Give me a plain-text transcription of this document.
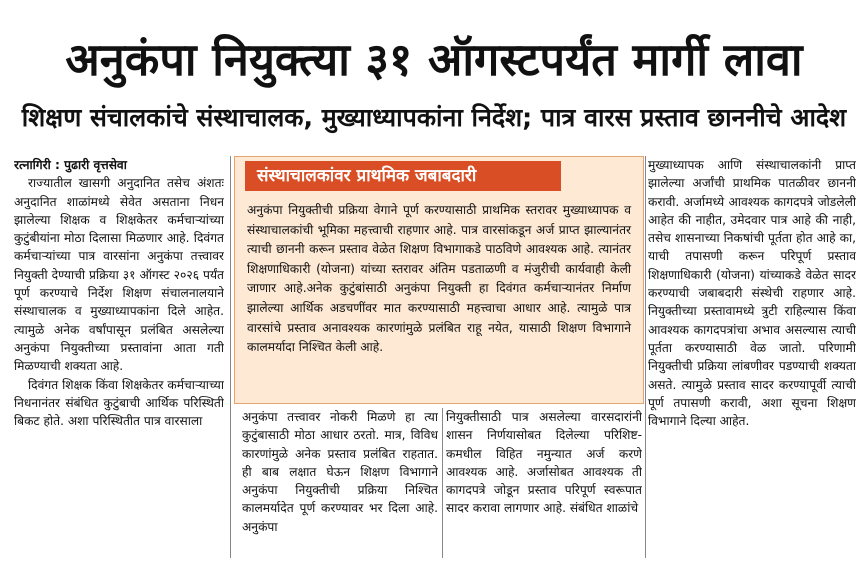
अनुकंपा नियुक्त्या ३१ ऑगस्टपर्यंत मार्गी लावा
शिक्षण संचालकांचे संस्थाचालक, मुख्याध्यापकांना निर्देश; पात्र वारस प्रस्ताव छाननीचे आदेश
रत्नागिरी : पुढारी वृत्तसेवा

राज्यातील खासगी अनुदानित तसेच अंशतः अनुदानित शाळांमध्ये सेवेत असताना निधन झालेल्या शिक्षक व शिक्षकेतर कर्मचाऱ्यांच्या कुटुंबीयांना मोठा दिलासा मिळणार आहे. दिवंगत कर्मचाऱ्यांच्या पात्र वारसांना अनुकंपा तत्त्वावर नियुक्ती देण्याची प्रक्रिया ३१ ऑगस्ट २०२६ पर्यंत पूर्ण करण्याचे निर्देश शिक्षण संचालनालयाने संस्थाचालक व मुख्याध्यापकांना दिले आहेत. त्यामुळे अनेक वर्षांपासून प्रलंबित असलेल्या अनुकंपा नियुक्तीच्या प्रस्तावांना आता गती मिळण्याची शक्यता आहे.

दिवंगत शिक्षक किंवा शिक्षकेतर कर्मचाऱ्याच्या निधनानंतर संबंधित कुटुंबाची आर्थिक परिस्थिती बिकट होते. अशा परिस्थितीत पात्र वारसाला

संस्थाचालकांवर प्राथमिक जबाबदारी
अनुकंपा नियुक्तीची प्रक्रिया वेगाने पूर्ण करण्यासाठी प्राथमिक स्तरावर मुख्याध्यापक व संस्थाचालकांची भूमिका महत्त्वाची राहणार आहे. पात्र वारसांकडून अर्ज प्राप्त झाल्यानंतर त्याची छाननी करून प्रस्ताव वेळेत शिक्षण विभागाकडे पाठविणे आवश्यक आहे. त्यानंतर शिक्षणाधिकारी (योजना) यांच्या स्तरावर अंतिम पडताळणी व मंजुरीची कार्यवाही केली जाणार आहे.अनेक कुटुंबांसाठी अनुकंपा नियुक्ती हा दिवंगत कर्मचाऱ्यानंतर निर्माण झालेल्या आर्थिक अडचणींवर मात करण्यासाठी महत्त्वाचा आधार आहे. त्यामुळे पात्र वारसांचे प्रस्ताव अनावश्यक कारणांमुळे प्रलंबित राहू नयेत, यासाठी शिक्षण विभागाने कालमर्यादा निश्चित केली आहे.

अनुकंपा तत्त्वावर नोकरी मिळणे हा त्या कुटुंबासाठी मोठा आधार ठरतो. मात्र, विविध कारणांमुळे अनेक प्रस्ताव प्रलंबित राहतात. ही बाब लक्षात घेऊन शिक्षण विभागाने अनुकंपा नियुक्तीची प्रक्रिया निश्चित कालमर्यादेत पूर्ण करण्यावर भर दिला आहे. अनुकंपा

नियुक्तीसाठी पात्र असलेल्या वारसदारांनी शासन निर्णयासोबत दिलेल्या परिशिष्ट-कमधील विहित नमुन्यात अर्ज करणे आवश्यक आहे. अर्जासोबत आवश्यक ती कागदपत्रे जोडून प्रस्ताव परिपूर्ण स्वरूपात सादर करावा लागणार आहे. संबंधित शाळांचे

मुख्याध्यापक आणि संस्थाचालकांनी प्राप्त झालेल्या अर्जांची प्राथमिक पातळीवर छाननी करावी. अर्जामध्ये आवश्यक कागदपत्रे जोडलेली आहेत की नाहीत, उमेदवार पात्र आहे की नाही, तसेच शासनाच्या निकषांची पूर्तता होत आहे का, याची तपासणी करून परिपूर्ण प्रस्ताव शिक्षणाधिकारी (योजना) यांच्याकडे वेळेत सादर करण्याची जबाबदारी संस्थेची राहणार आहे. नियुक्तीच्या प्रस्तावामध्ये त्रुटी राहिल्यास किंवा आवश्यक कागदपत्रांचा अभाव असल्यास त्याची पूर्तता करण्यासाठी वेळ जातो. परिणामी नियुक्तीची प्रक्रिया लांबणीवर पडण्याची शक्यता असते. त्यामुळे प्रस्ताव सादर करण्यापूर्वी त्याची पूर्ण तपासणी करावी, अशा सूचना शिक्षण विभागाने दिल्या आहेत.
